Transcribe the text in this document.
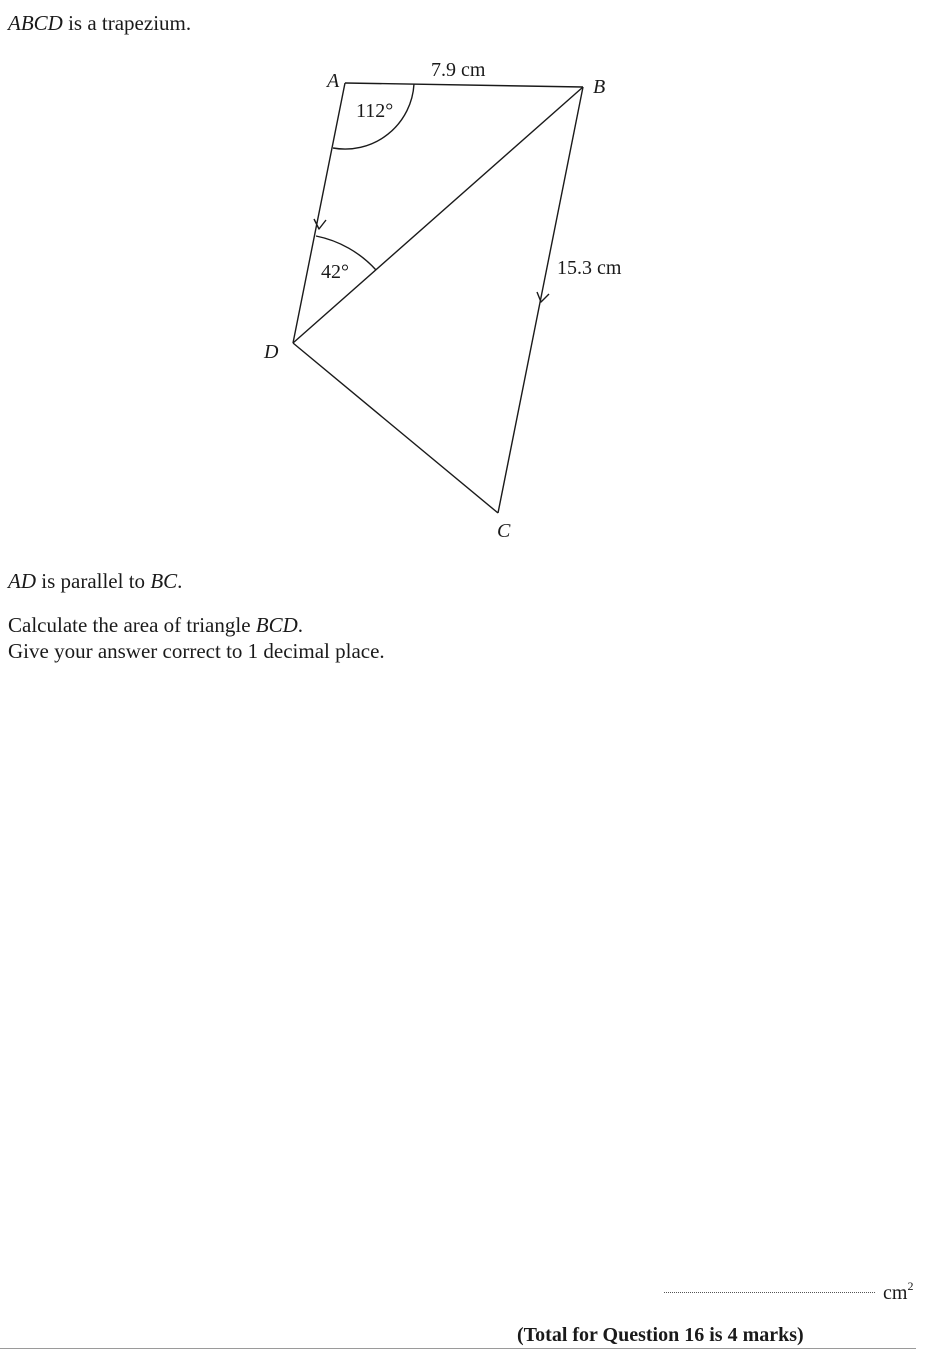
ABCD is a trapezium.
A	B
C
D
7.9 cm
15.3 cm
112°
42°
AD is parallel to BC.
Calculate the area of triangle BCD.
Give your answer correct to 1 decimal place.
$cm^2$
(Total for Question 16 is 4 marks)
